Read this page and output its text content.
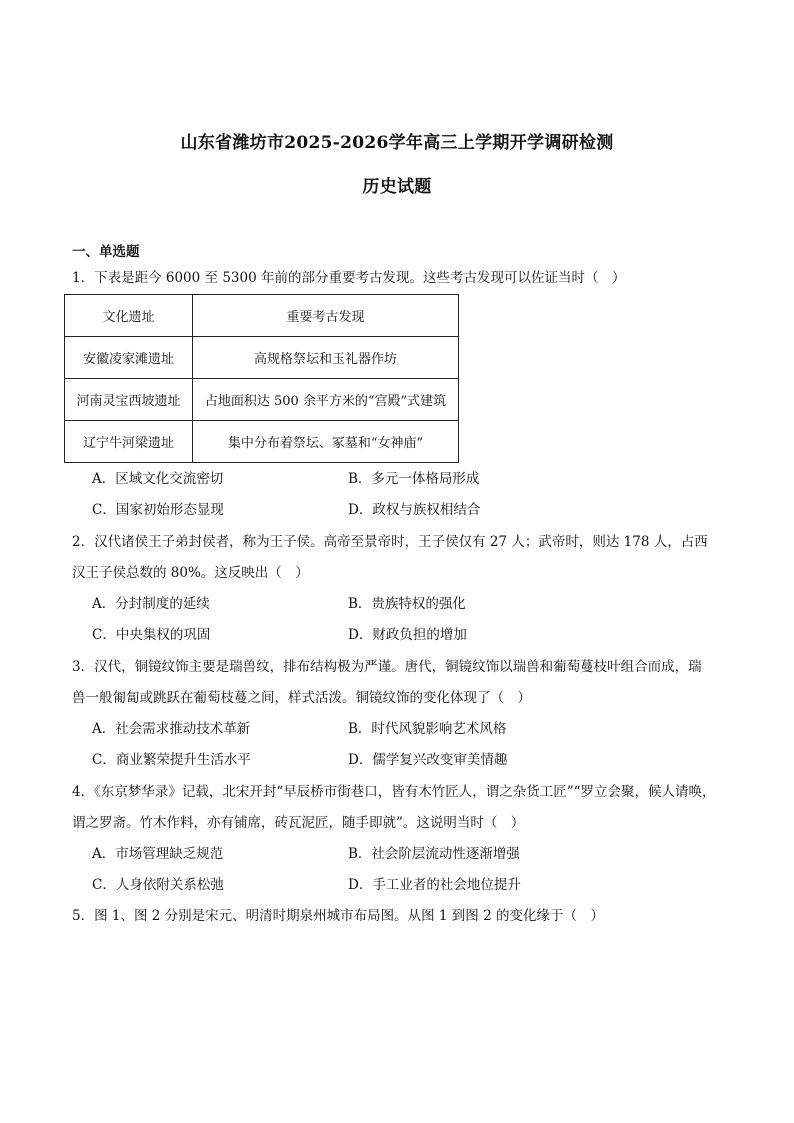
山东省潍坊市2025-2026学年高三上学期开学调研检测
历史试题
一、单选题
1．下表是距今 6000 至 5300 年前的部分重要考古发现。这些考古发现可以佐证当时（　）
文化遗址	重要考古发现
安徽凌家滩遗址	高规格祭坛和玉礼器作坊
河南灵宝西坡遗址	占地面积达 500 余平方米的“宫殿”式建筑
辽宁牛河梁遗址	集中分布着祭坛、冢墓和“女神庙”
A．区域文化交流密切	B．多元一体格局形成
C．国家初始形态显现	D．政权与族权相结合
2．汉代诸侯王子弟封侯者，称为王子侯。高帝至景帝时，王子侯仅有 27 人；武帝时，则达 178 人，占西
汉王子侯总数的 80%。这反映出（　）
A．分封制度的延续	B．贵族特权的强化
C．中央集权的巩固	D．财政负担的增加
3．汉代，铜镜纹饰主要是瑞兽纹，排布结构极为严谨。唐代，铜镜纹饰以瑞兽和葡萄蔓枝叶组合而成，瑞
兽一般匍匐或跳跃在葡萄枝蔓之间，样式活泼。铜镜纹饰的变化体现了（　）
A．社会需求推动技术革新	B．时代风貌影响艺术风格
C．商业繁荣提升生活水平	D．儒学复兴改变审美情趣
4．《东京梦华录》记载，北宋开封“早辰桥市街巷口，皆有木竹匠人，谓之杂货工匠”“罗立会聚，候人请唤，
谓之罗斋。竹木作料，亦有铺席，砖瓦泥匠，随手即就”。这说明当时（　）
A．市场管理缺乏规范	B．社会阶层流动性逐渐增强
C．人身依附关系松弛	D．手工业者的社会地位提升
5．图 1、图 2 分别是宋元、明清时期泉州城市布局图。从图 1 到图 2 的变化缘于（　）
